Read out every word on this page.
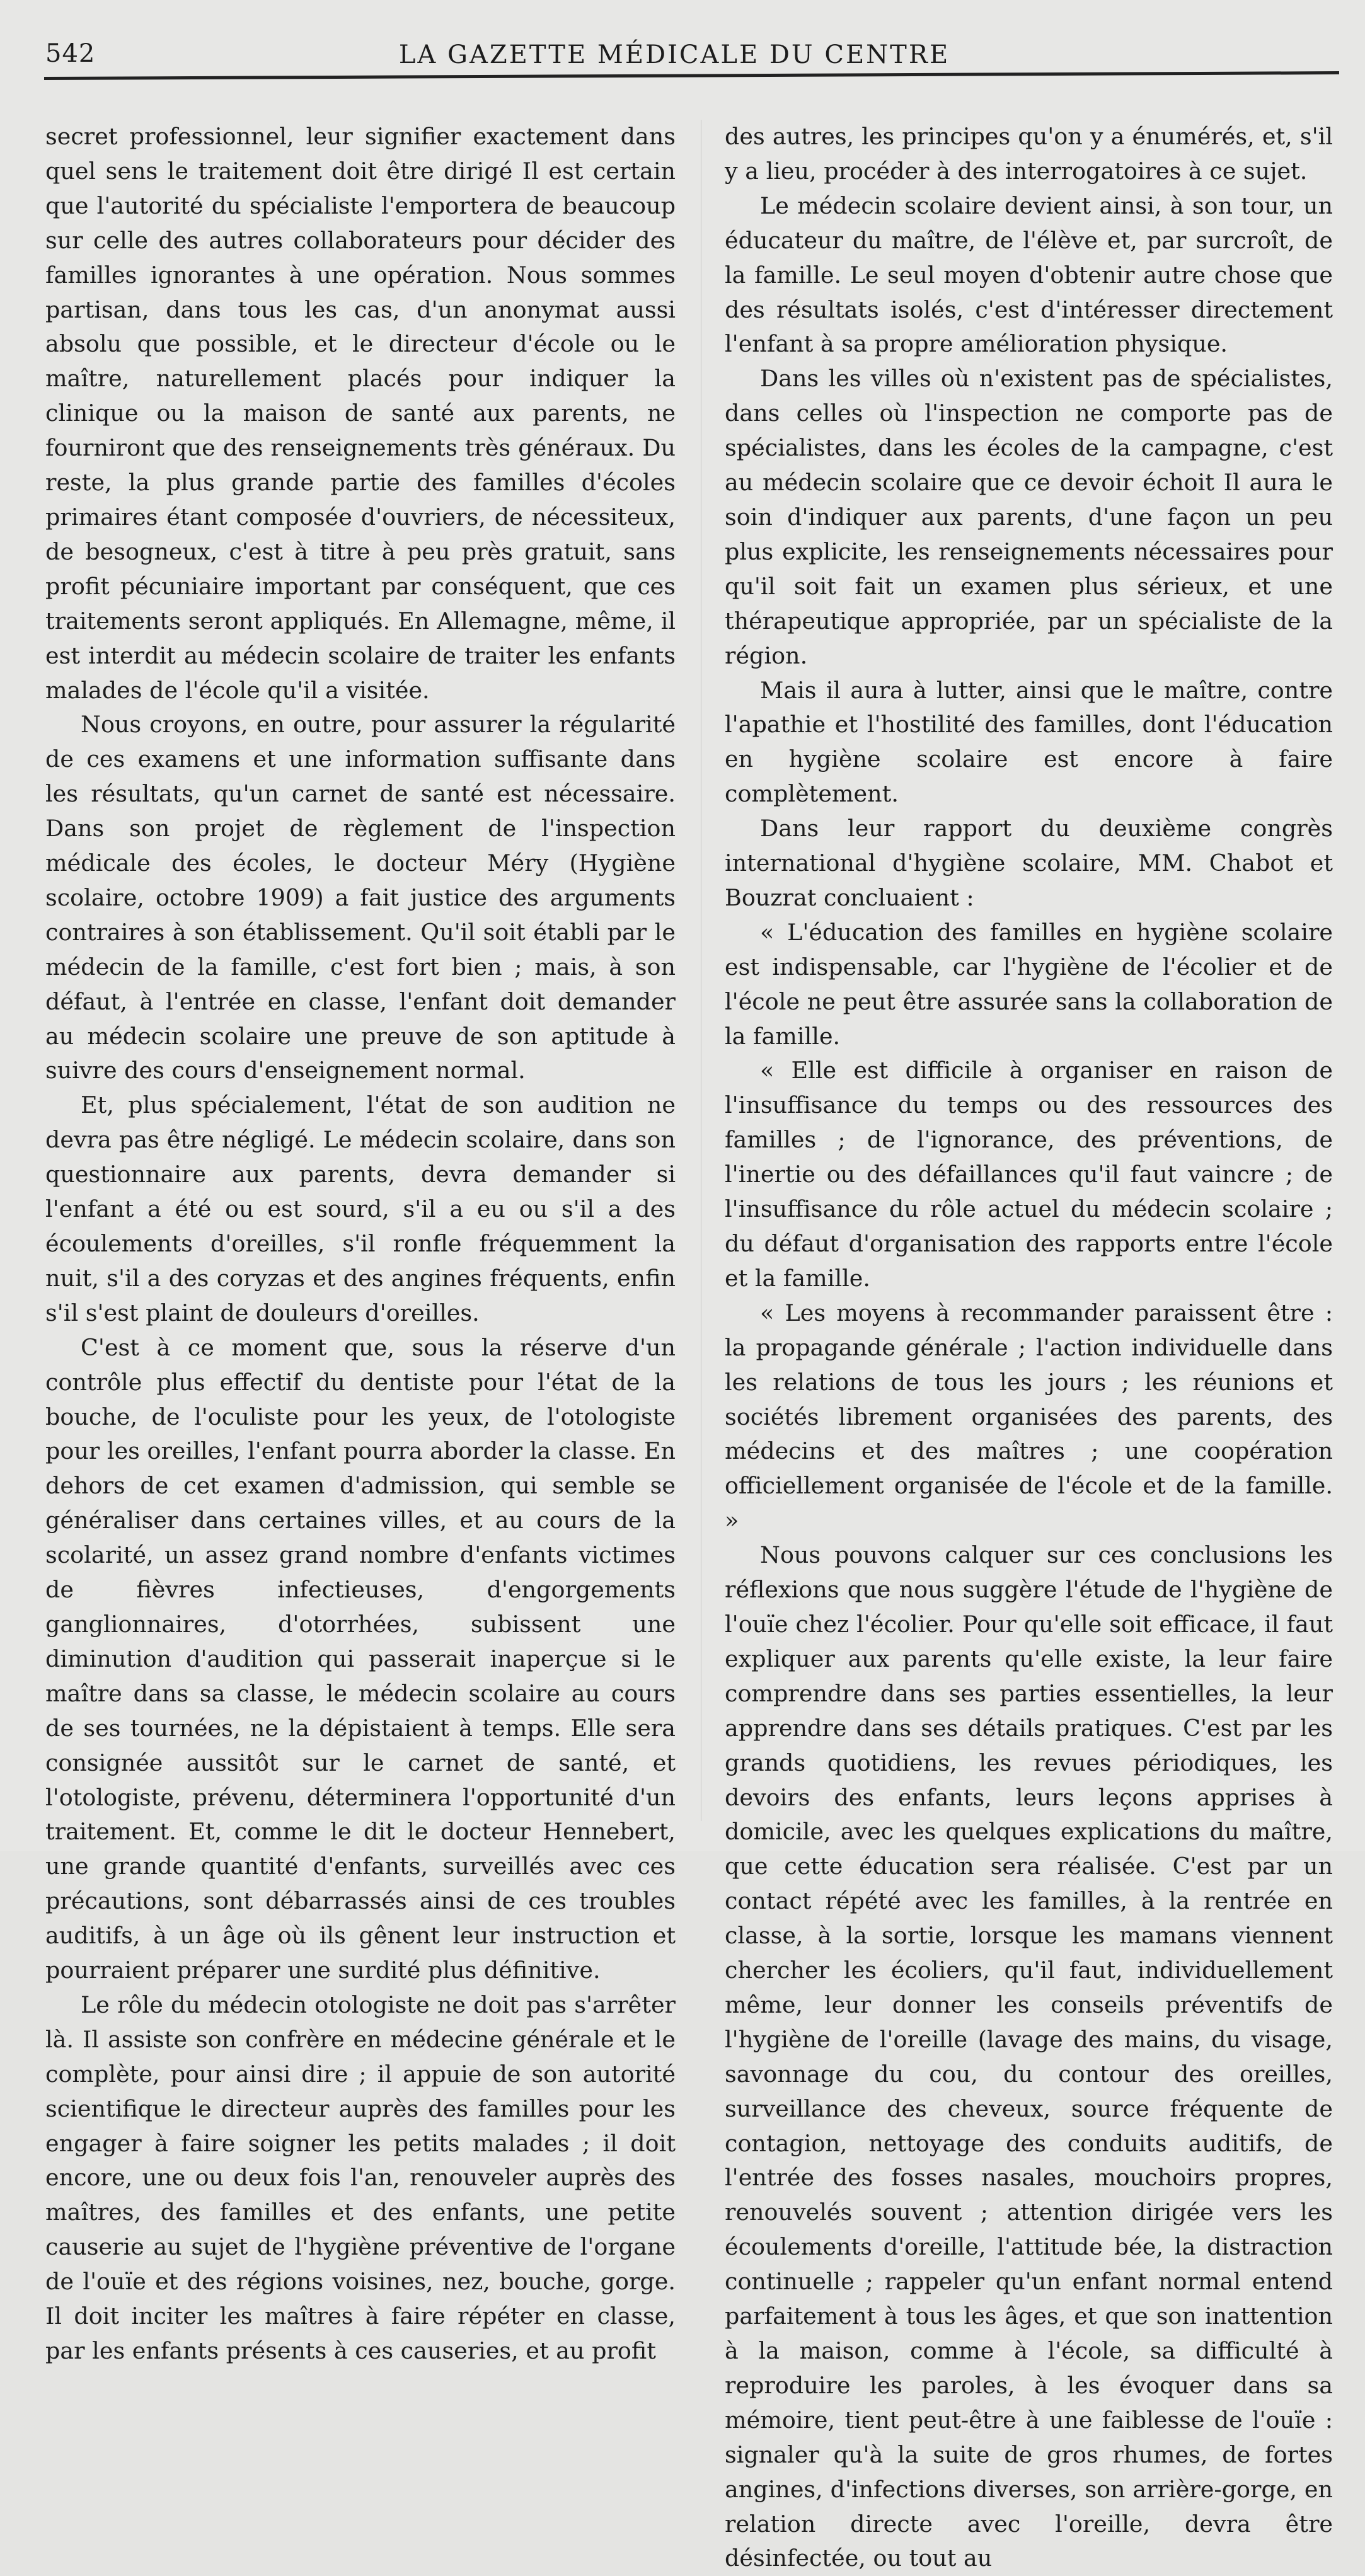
542	LA GAZETTE MÉDICALE DU CENTRE

secret professionnel, leur signifier exactement dans quel sens le traitement doit être dirigé Il est certain que l'autorité du spécialiste l'emportera de beaucoup sur celle des autres collaborateurs pour décider des familles ignorantes à une opération. Nous sommes partisan, dans tous les cas, d'un anonymat aussi absolu que possible, et le directeur d'école ou le maître, naturellement placés pour indiquer la clinique ou la maison de santé aux parents, ne fourniront que des renseignements très généraux. Du reste, la plus grande partie des familles d'écoles primaires étant composée d'ouvriers, de nécessiteux, de besogneux, c'est à titre à peu près gratuit, sans profit pécuniaire important par conséquent, que ces traitements seront appliqués. En Allemagne, même, il est interdit au médecin scolaire de traiter les enfants malades de l'école qu'il a visitée.

Nous croyons, en outre, pour assurer la régularité de ces examens et une information suffisante dans les résultats, qu'un carnet de santé est nécessaire. Dans son projet de règlement de l'inspection médicale des écoles, le docteur Méry (Hygiène scolaire, octobre 1909) a fait justice des arguments contraires à son établissement. Qu'il soit établi par le médecin de la famille, c'est fort bien ; mais, à son défaut, à l'entrée en classe, l'enfant doit demander au médecin scolaire une preuve de son aptitude à suivre des cours d'enseignement normal.

Et, plus spécialement, l'état de son audition ne devra pas être négligé. Le médecin scolaire, dans son questionnaire aux parents, devra demander si l'enfant a été ou est sourd, s'il a eu ou s'il a des écoulements d'oreilles, s'il ronfle fréquemment la nuit, s'il a des coryzas et des angines fréquents, enfin s'il s'est plaint de douleurs d'oreilles.

C'est à ce moment que, sous la réserve d'un contrôle plus effectif du dentiste pour l'état de la bouche, de l'oculiste pour les yeux, de l'otologiste pour les oreilles, l'enfant pourra aborder la classe. En dehors de cet examen d'admission, qui semble se généraliser dans certaines villes, et au cours de la scolarité, un assez grand nombre d'enfants victimes de fièvres infectieuses, d'engorgements ganglionnaires, d'otorrhées, subissent une diminution d'audition qui passerait inaperçue si le maître dans sa classe, le médecin scolaire au cours de ses tournées, ne la dépistaient à temps. Elle sera consignée aussitôt sur le carnet de santé, et l'otologiste, prévenu, déterminera l'opportunité d'un traitement. Et, comme le dit le docteur Hennebert, une grande quantité d'enfants, surveillés avec ces précautions, sont débarrassés ainsi de ces troubles auditifs, à un âge où ils gênent leur instruction et pourraient préparer une surdité plus définitive.

Le rôle du médecin otologiste ne doit pas s'arrêter là. Il assiste son confrère en médecine générale et le complète, pour ainsi dire ; il appuie de son autorité scientifique le directeur auprès des familles pour les engager à faire soigner les petits malades ; il doit encore, une ou deux fois l'an, renouveler auprès des maîtres, des familles et des enfants, une petite causerie au sujet de l'hygiène préventive de l'organe de l'ouïe et des régions voisines, nez, bouche, gorge. Il doit inciter les maîtres à faire répéter en classe, par les enfants présents à ces causeries, et au profit

des autres, les principes qu'on y a énumérés, et, s'il y a lieu, procéder à des interrogatoires à ce sujet.

Le médecin scolaire devient ainsi, à son tour, un éducateur du maître, de l'élève et, par surcroît, de la famille. Le seul moyen d'obtenir autre chose que des résultats isolés, c'est d'intéresser directement l'enfant à sa propre amélioration physique.

Dans les villes où n'existent pas de spécialistes, dans celles où l'inspection ne comporte pas de spécialistes, dans les écoles de la campagne, c'est au médecin scolaire que ce devoir échoit Il aura le soin d'indiquer aux parents, d'une façon un peu plus explicite, les renseignements nécessaires pour qu'il soit fait un examen plus sérieux, et une thérapeutique appropriée, par un spécialiste de la région.

Mais il aura à lutter, ainsi que le maître, contre l'apathie et l'hostilité des familles, dont l'éducation en hygiène scolaire est encore à faire complètement.

Dans leur rapport du deuxième congrès international d'hygiène scolaire, MM. Chabot et Bouzrat concluaient :

« L'éducation des familles en hygiène scolaire est indispensable, car l'hygiène de l'écolier et de l'école ne peut être assurée sans la collaboration de la famille.

« Elle est difficile à organiser en raison de l'insuffisance du temps ou des ressources des familles ; de l'ignorance, des préventions, de l'inertie ou des défaillances qu'il faut vaincre ; de l'insuffisance du rôle actuel du médecin scolaire ; du défaut d'organisation des rapports entre l'école et la famille.

« Les moyens à recommander paraissent être : la propagande générale ; l'action individuelle dans les relations de tous les jours ; les réunions et sociétés librement organisées des parents, des médecins et des maîtres ; une coopération officiellement organisée de l'école et de la famille. »

Nous pouvons calquer sur ces conclusions les réflexions que nous suggère l'étude de l'hygiène de l'ouïe chez l'écolier. Pour qu'elle soit efficace, il faut expliquer aux parents qu'elle existe, la leur faire comprendre dans ses parties essentielles, la leur apprendre dans ses détails pratiques. C'est par les grands quotidiens, les revues périodiques, les devoirs des enfants, leurs leçons apprises à domicile, avec les quelques explications du maître, que cette éducation sera réalisée. C'est par un contact répété avec les familles, à la rentrée en classe, à la sortie, lorsque les mamans viennent chercher les écoliers, qu'il faut, individuellement même, leur donner les conseils préventifs de l'hygiène de l'oreille (lavage des mains, du visage, savonnage du cou, du contour des oreilles, surveillance des cheveux, source fréquente de contagion, nettoyage des conduits auditifs, de l'entrée des fosses nasales, mouchoirs propres, renouvelés souvent ; attention dirigée vers les écoulements d'oreille, l'attitude bée, la distraction continuelle ; rappeler qu'un enfant normal entend parfaitement à tous les âges, et que son inattention à la maison, comme à l'école, sa difficulté à reproduire les paroles, à les évoquer dans sa mémoire, tient peut-être à une faiblesse de l'ouïe : signaler qu'à la suite de gros rhumes, de fortes angines, d'infections diverses, son arrière-gorge, en relation directe avec l'oreille, devra être désinfectée, ou tout au
